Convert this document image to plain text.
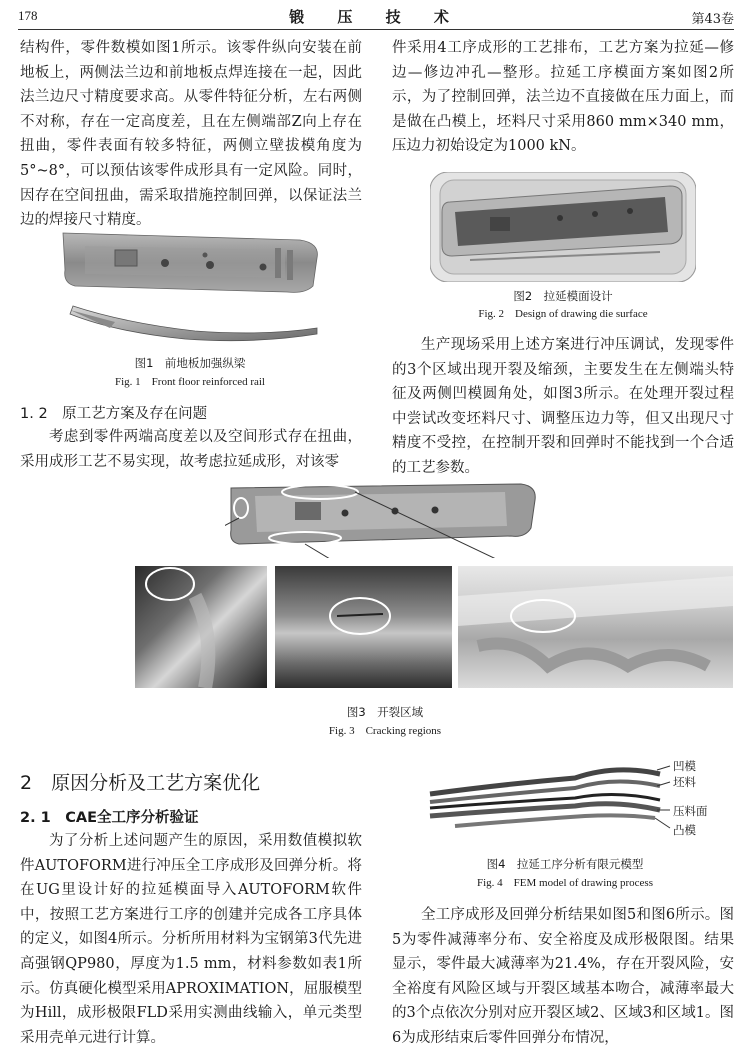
178	锻 压 技 术	第43卷
结构件，零件数模如图1所示。该零件纵向安装在前地板上，两侧法兰边和前地板点焊连接在一起，因此法兰边尺寸精度要求高。从零件特征分析，左右两侧不对称，存在一定高度差，且在左侧端部Z向上存在扭曲，零件表面有较多特征，两侧立壁拔模角度为5°~8°，可以预估该零件成形具有一定风险。同时，因存在空间扭曲，需采取措施控制回弹，以保证法兰边的焊接尺寸精度。
图1　前地板加强纵梁
Fig. 1　Front floor reinforced rail
1. 2　原工艺方案及存在问题
考虑到零件两端高度差以及空间形式存在扭曲，采用成形工艺不易实现，故考虑拉延成形，对该零
件采用4工序成形的工艺排布，工艺方案为拉延—修边—修边冲孔—整形。拉延工序模面方案如图2所示，为了控制回弹，法兰边不直接做在压力面上，而是做在凸模上，坯料尺寸采用860 mm×340 mm，压边力初始设定为1000 kN。
图2　拉延模面设计
Fig. 2　Design of drawing die surface
生产现场采用上述方案进行冲压调试，发现零件的3个区域出现开裂及缩颈，主要发生在左侧端头特征及两侧凹模圆角处，如图3所示。在处理开裂过程中尝试改变坯料尺寸、调整压边力等，但又出现尺寸精度不受控，在控制开裂和回弹时不能找到一个合适的工艺参数。
图3　开裂区域
Fig. 3　Cracking regions
2　原因分析及工艺方案优化
2. 1　CAE全工序分析验证
为了分析上述问题产生的原因，采用数值模拟软件AUTOFORM进行冲压全工序成形及回弹分析。将在UG里设计好的拉延模面导入AUTOFORM软件中，按照工艺方案进行工序的创建并完成各工序具体的定义，如图4所示。分析所用材料为宝钢第3代先进高强钢QP980，厚度为1.5 mm，材料参数如表1所示。仿真硬化模型采用APROXIMATION，屈服模型为Hill，成形极限FLD采用实测曲线输入，单元类型采用壳单元进行计算。
凹模
坯料
压料面
凸模
图4　拉延工序分析有限元模型
Fig. 4　FEM model of drawing process
全工序成形及回弹分析结果如图5和图6所示。图5为零件减薄率分布、安全裕度及成形极限图。结果显示，零件最大减薄率为21.4%，存在开裂风险，安全裕度有风险区域与开裂区域基本吻合，减薄率最大的3个点依次分别对应开裂区域2、区域3和区域1。图6为成形结束后零件回弹分布情况，
